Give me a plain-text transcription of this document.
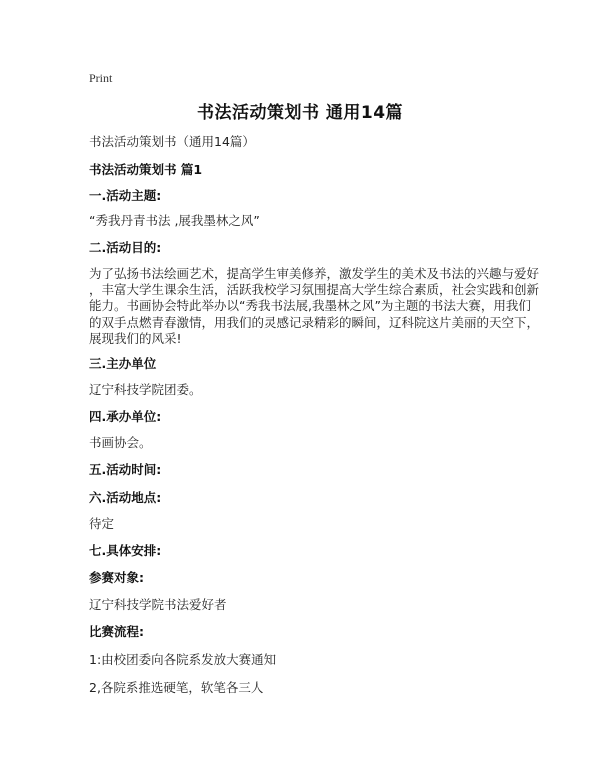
Print
书法活动策划书 通用14篇
书法活动策划书（通用14篇）
书法活动策划书 篇1
一.活动主题:
“秀我丹青书法 ,展我墨林之风”
二.活动目的:
为了弘扬书法绘画艺术，提高学生审美修养，激发学生的美术及书法的兴趣与爱好
，丰富大学生课余生活，活跃我校学习氛围提高大学生综合素质，社会实践和创新
能力。书画协会特此举办以“秀我书法展,我墨林之风”为主题的书法大赛，用我们
的双手点燃青春激情，用我们的灵感记录精彩的瞬间，辽科院这片美丽的天空下，
展现我们的风采!
三.主办单位
辽宁科技学院团委。
四.承办单位:
书画协会。
五.活动时间:
六.活动地点:
待定
七.具体安排:
参赛对象:
辽宁科技学院书法爱好者
比赛流程:
1:由校团委向各院系发放大赛通知
2,各院系推选硬笔，软笔各三人
